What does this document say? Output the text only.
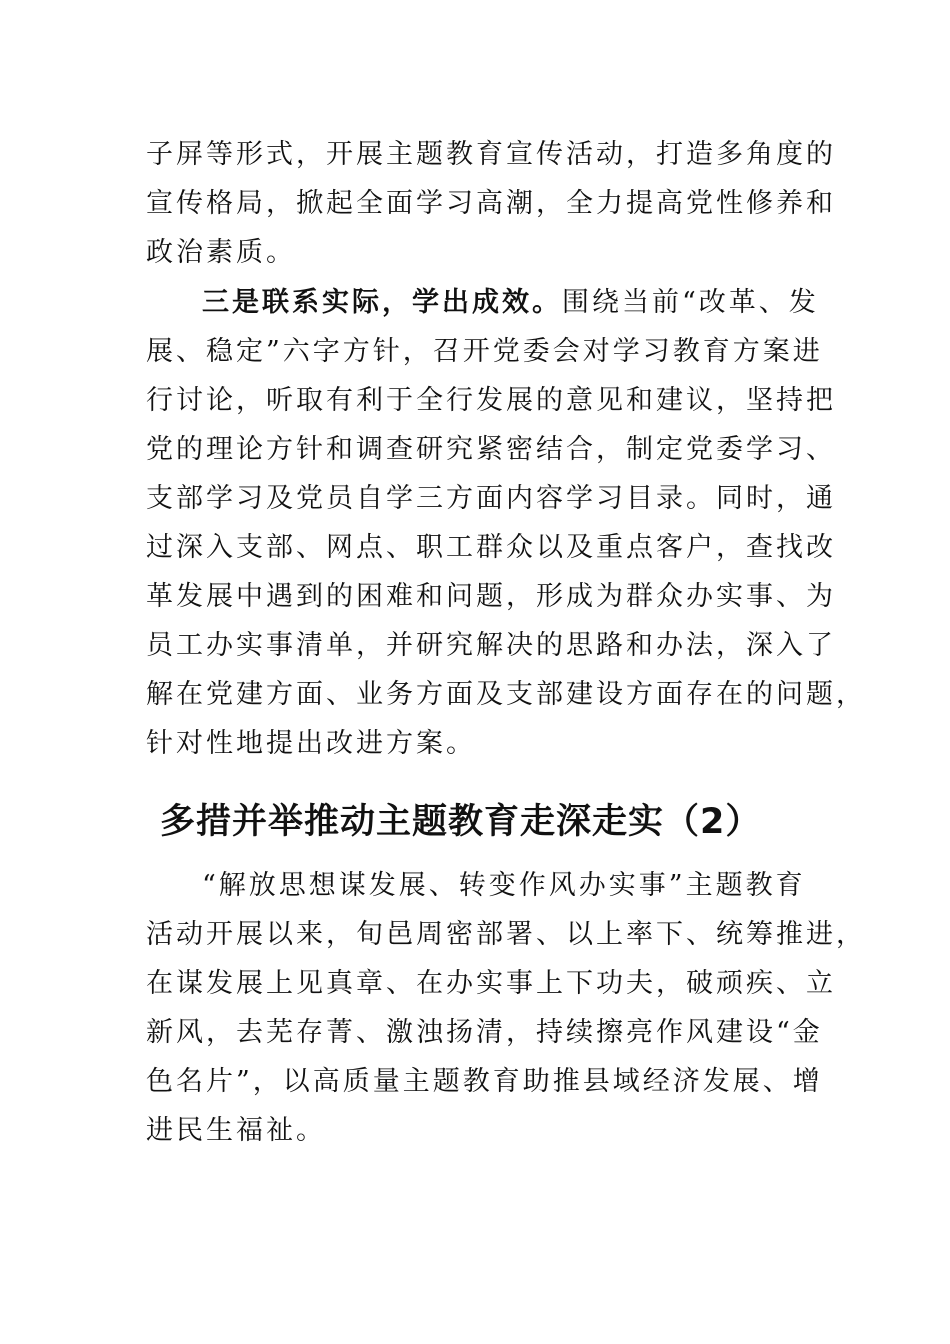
子屏等形式，开展主题教育宣传活动，打造多角度的
宣传格局，掀起全面学习高潮，全力提高党性修养和
政治素质。
三是联系实际，学出成效。围绕当前“改革、发
展、稳定”六字方针，召开党委会对学习教育方案进
行讨论，听取有利于全行发展的意见和建议，坚持把
党的理论方针和调查研究紧密结合，制定党委学习、
支部学习及党员自学三方面内容学习目录。同时，通
过深入支部、网点、职工群众以及重点客户，查找改
革发展中遇到的困难和问题，形成为群众办实事、为
员工办实事清单，并研究解决的思路和办法，深入了
解在党建方面、业务方面及支部建设方面存在的问题，
针对性地提出改进方案。
多措并举推动主题教育走深走实（2）
“解放思想谋发展、转变作风办实事”主题教育
活动开展以来，旬邑周密部署、以上率下、统筹推进，
在谋发展上见真章、在办实事上下功夫，破顽疾、立
新风，去芜存菁、激浊扬清，持续擦亮作风建设“金
色名片”，以高质量主题教育助推县域经济发展、增
进民生福祉。
